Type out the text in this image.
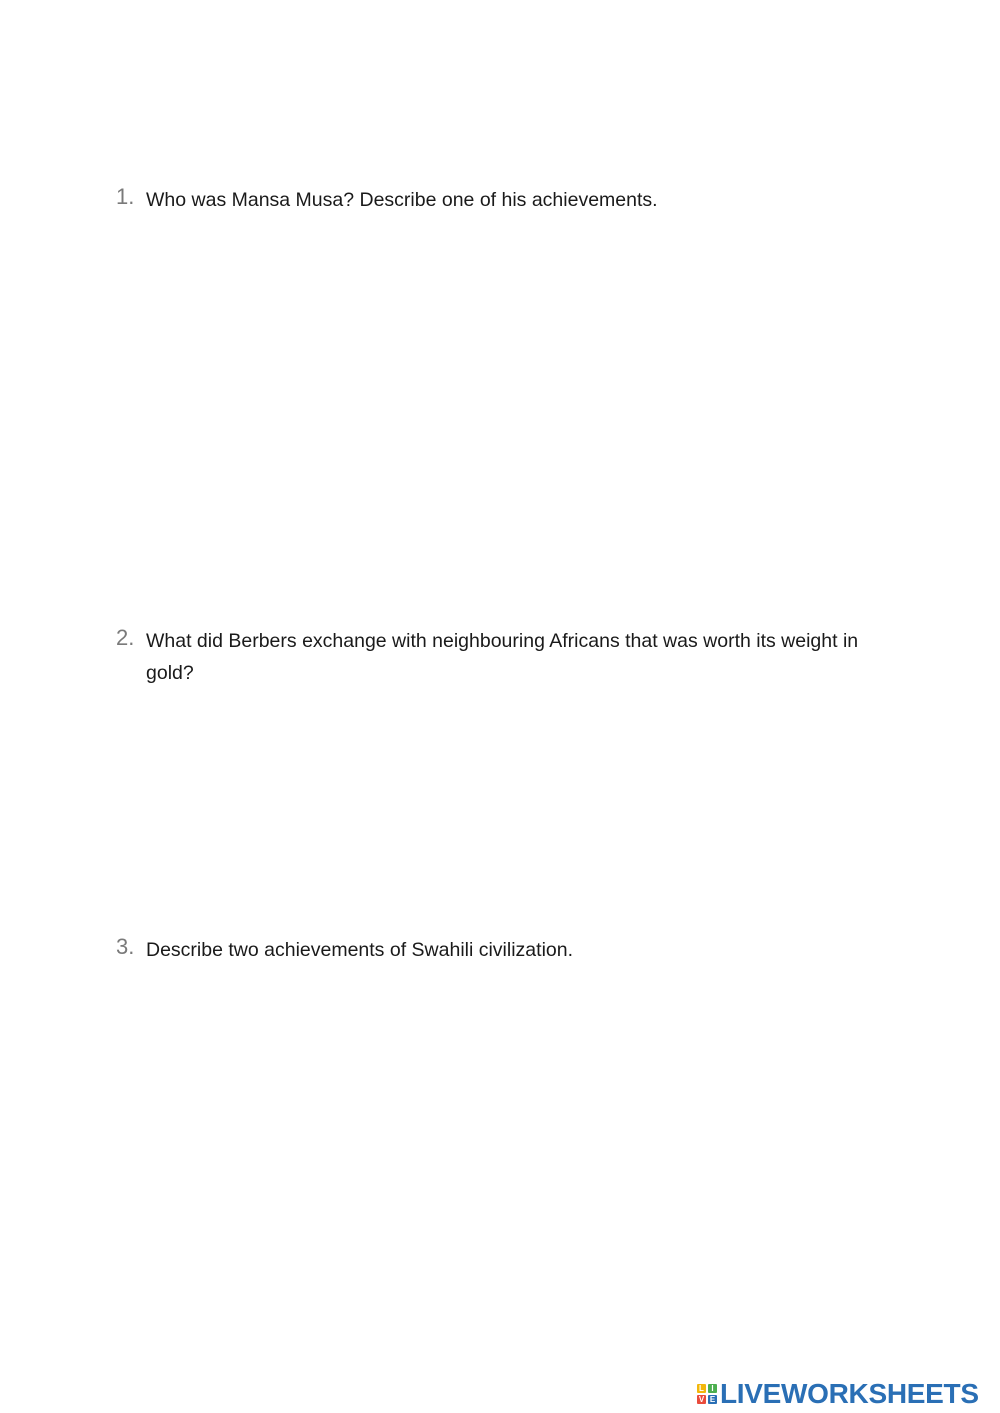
1. Who was Mansa Musa? Describe one of his achievements.
2. What did Berbers exchange with neighbouring Africans that was worth its weight in gold?
3. Describe two achievements of Swahili civilization.
L I
V E LIVEWORKSHEETS
